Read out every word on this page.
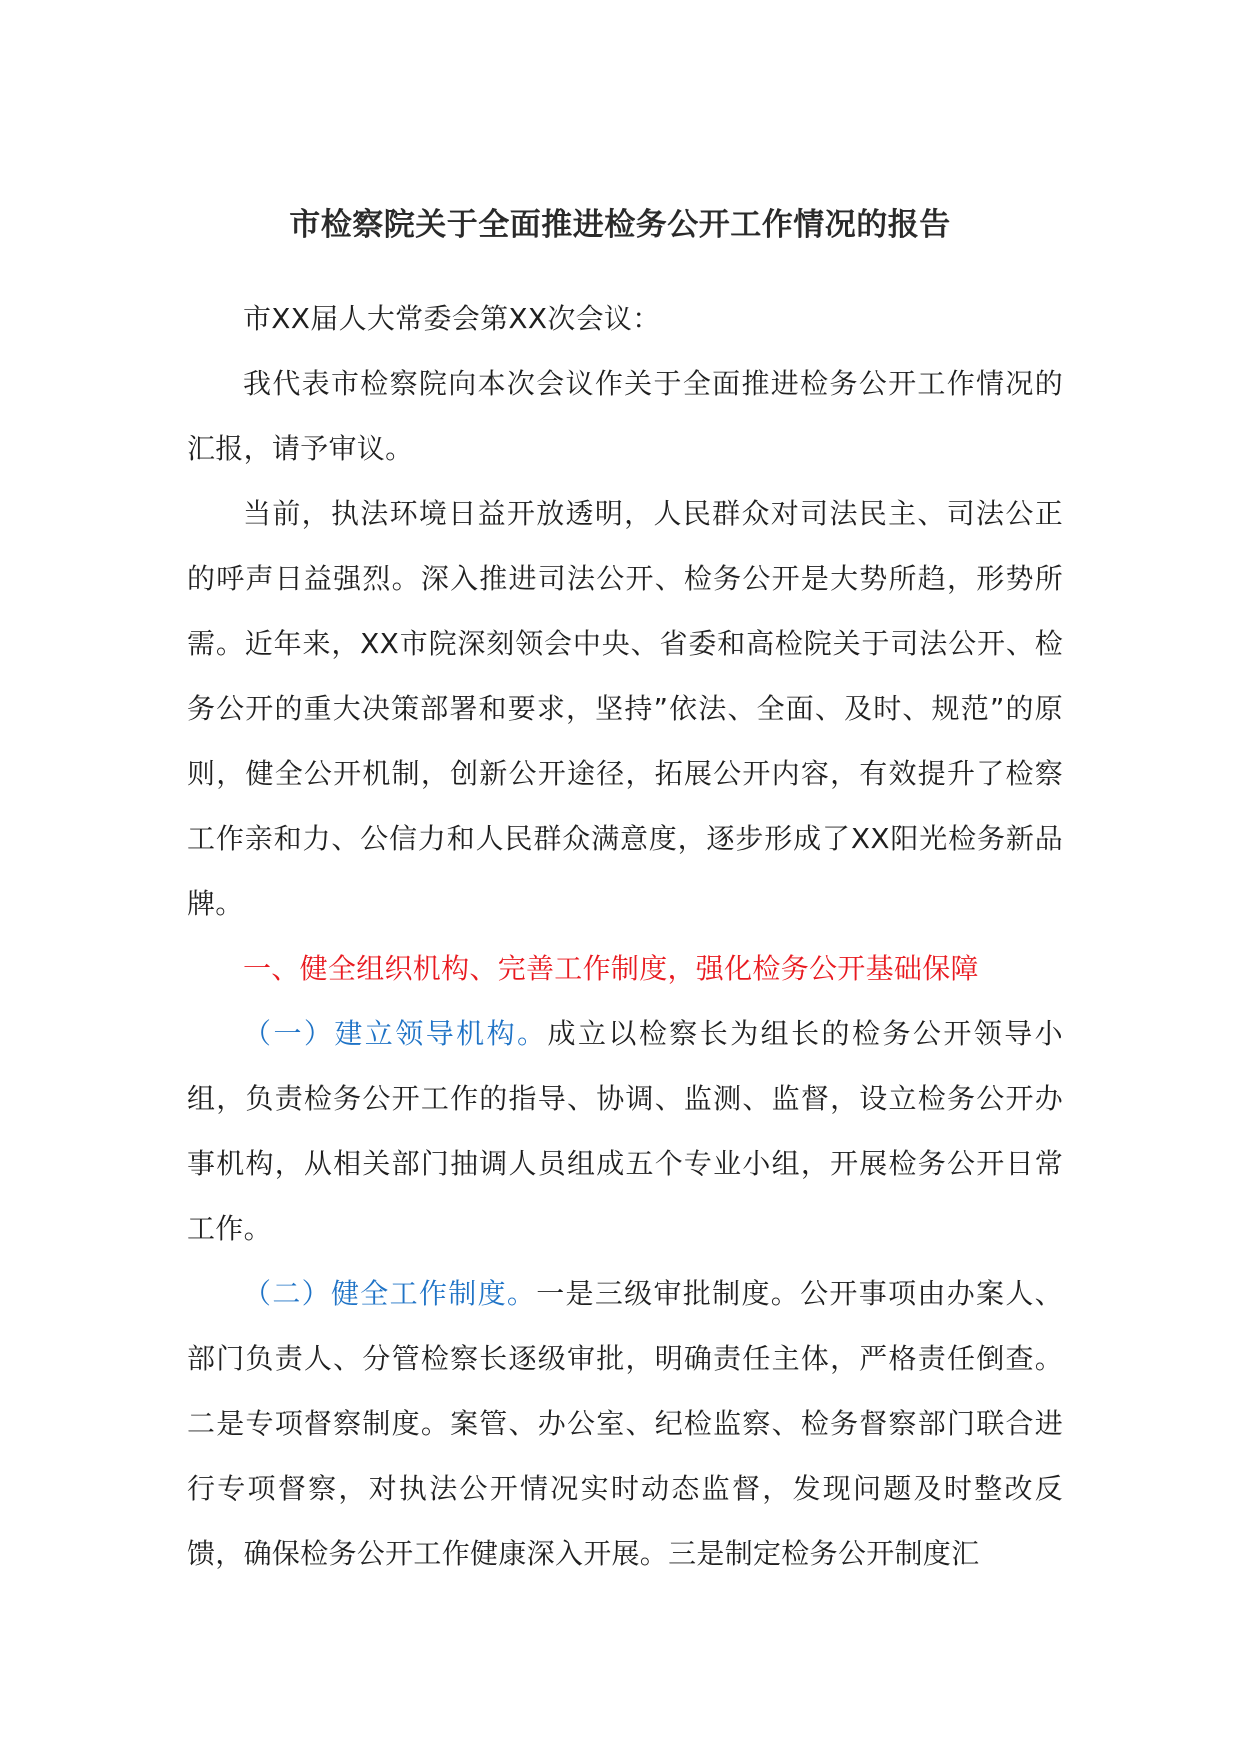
市检察院关于全面推进检务公开工作情况的报告

市XX届人大常委会第XX次会议：

我代表市检察院向本次会议作关于全面推进检务公开工作情况的汇报，请予审议。

当前，执法环境日益开放透明，人民群众对司法民主、司法公正的呼声日益强烈。深入推进司法公开、检务公开是大势所趋，形势所需。近年来，XX市院深刻领会中央、省委和高检院关于司法公开、检务公开的重大决策部署和要求，坚持”依法、全面、及时、规范”的原则，健全公开机制，创新公开途径，拓展公开内容，有效提升了检察工作亲和力、公信力和人民群众满意度，逐步形成了XX阳光检务新品牌。

一、健全组织机构、完善工作制度，强化检务公开基础保障

（一）建立领导机构。成立以检察长为组长的检务公开领导小组，负责检务公开工作的指导、协调、监测、监督，设立检务公开办事机构，从相关部门抽调人员组成五个专业小组，开展检务公开日常工作。

（二）健全工作制度。一是三级审批制度。公开事项由办案人、部门负责人、分管检察长逐级审批，明确责任主体，严格责任倒查。二是专项督察制度。案管、办公室、纪检监察、检务督察部门联合进行专项督察，对执法公开情况实时动态监督，发现问题及时整改反馈，确保检务公开工作健康深入开展。三是制定检务公开制度汇
